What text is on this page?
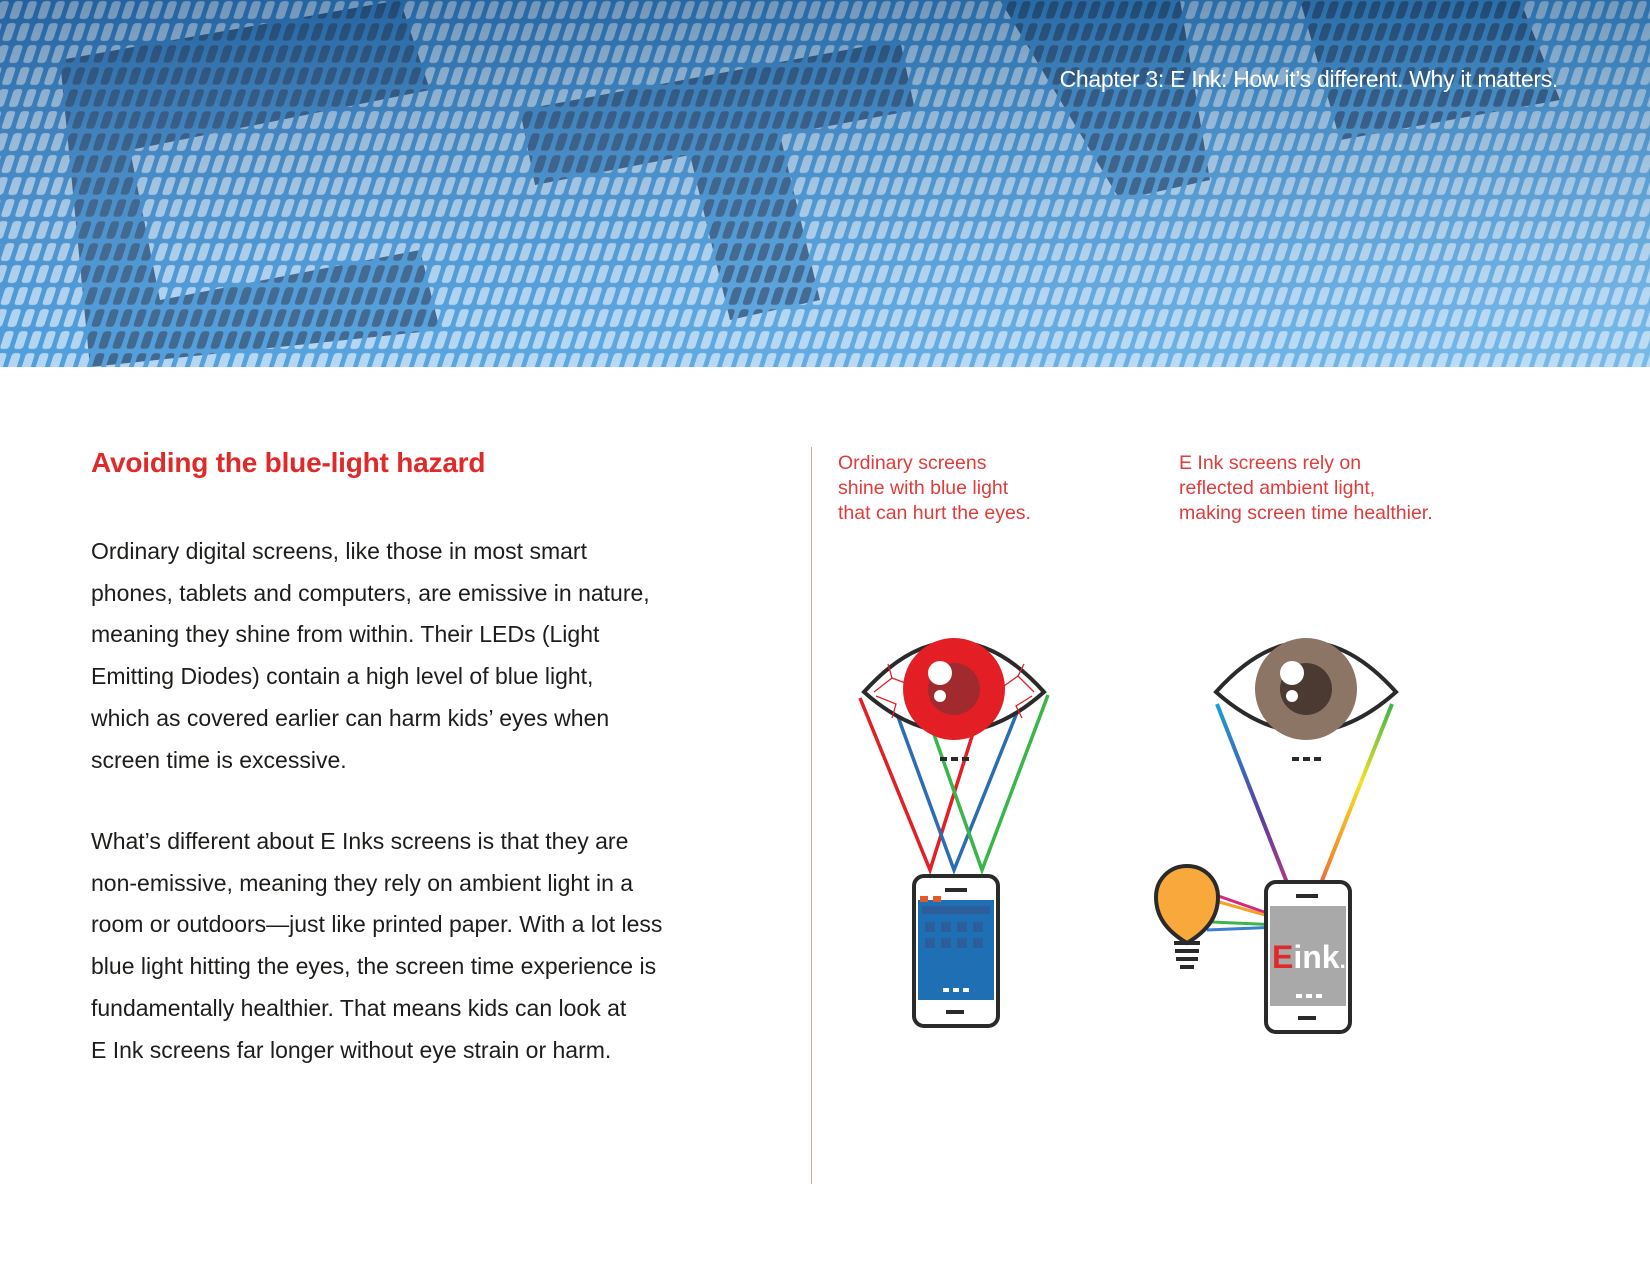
Chapter 3: E Ink: How it’s different. Why it matters.
Avoiding the blue-light hazard

Ordinary digital screens, like those in most smart
phones, tablets and computers, are emissive in nature,
meaning they shine from within. Their LEDs (Light
Emitting Diodes) contain a high level of blue light,
which as covered earlier can harm kids’ eyes when
screen time is excessive.

What’s different about E Inks screens is that they are
non-emissive, meaning they rely on ambient light in a
room or outdoors—just like printed paper. With a lot less
blue light hitting the eyes, the screen time experience is
fundamentally healthier. That means kids can look at
E Ink screens far longer without eye strain or harm.

Ordinary screens
shine with blue light
that can hurt the eyes.
E Ink screens rely on
reflected ambient light,
making screen time healthier.
Eink.
